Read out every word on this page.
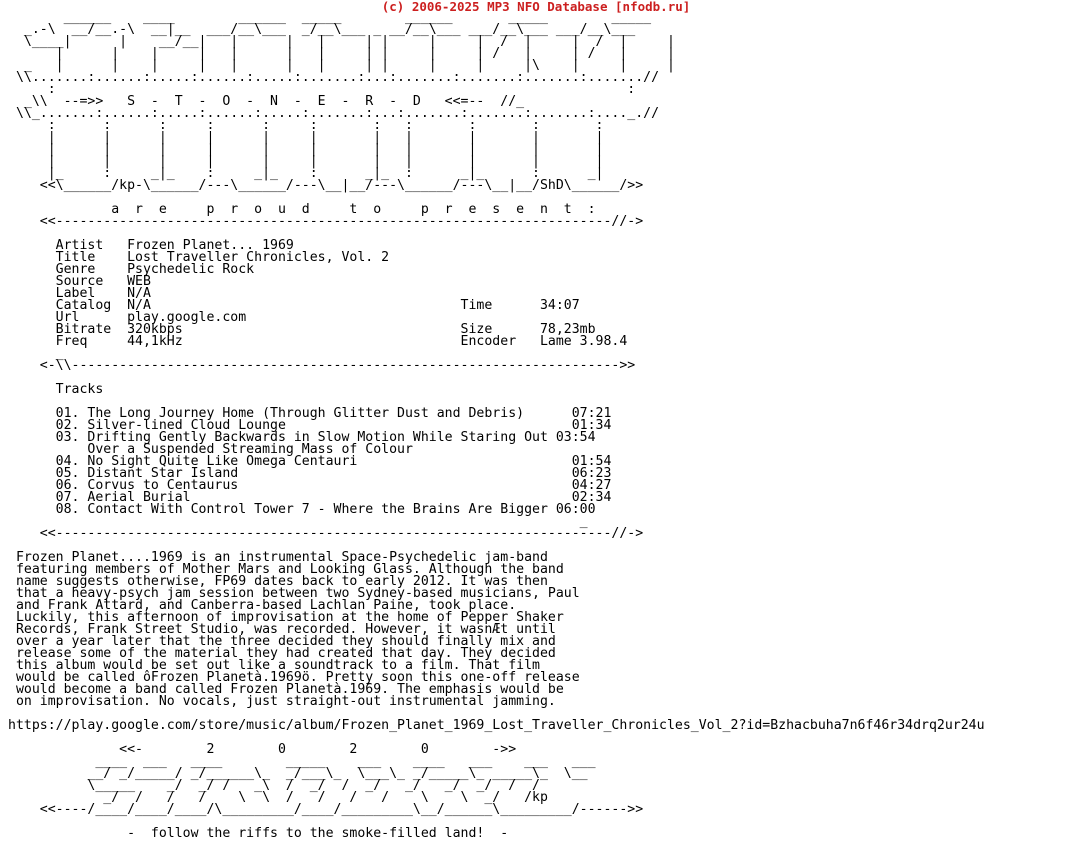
(c) 2006-2025 MP3 NFO Database [nfodb.ru]
______    ____        ______  _____        ______       _____        _____
_.-\  __/__.-\  __|__  ___/__\___  _/__\___ _ __/__\___ ___/__\___ ___/__\___
\____|      |    __/__|   |      |   |     | |     |     |  /  |     |  /  |     |
|      |    |     |   |      |   |     | |     |     | /   |     | /   |     |
_   |      |    |     |   |      |   |     | |     |     |     |\    |     |     |
\\.......:......:.....:......:.....:.......:...:.......:.......:.......:.......//
:                                                                        :
_\\  --=>>   S  -  T  -  O  -  N  -  E  -  R  -  D   <<=--  //_
\\_.......:......:.....:......:.....:.......:...:.......:.......:.......:...._.//
:      :      :     :      :     :       :   :       :       :       :
|      |      |     |      |     |       |   |       |       |       |
|      |      |     |      |     |       |   |       |       |       |
|      |      |     |      |     |       |   |       |       |       |
|_     :     _|_    :     _|_    :      _|_  :      _|_      :      _|
<<\______/kp-\______/---\______/---\__|__/---\______/---\__|__/ShD\______/>>

a  r  e     p  r  o  u  d     t  o     p  r  e  s  e  n  t  :
<<----------------------------------------------------------------------//->

Artist   Frozen Planet... 1969
Title    Lost Traveller Chronicles, Vol. 2
Genre    Psychedelic Rock
Source   WEB
Label    N/A
Catalog  N/A                                       Time      34:07
Url      play.google.com
Bitrate  320kbps                                   Size      78,23mb
Freq     44,1kHz                                   Encoder   Lame 3.98.4
_
<-\\--------------------------------------------------------------------->>

Tracks

01. The Long Journey Home (Through Glitter Dust and Debris)      07:21
02. Silver-lined Cloud Lounge                                    01:34
03. Drifting Gently Backwards in Slow Motion While Staring Out 03:54
Over a Suspended Streaming Mass of Colour
04. No Sight Quite Like Omega Centauri                           01:54
05. Distant Star Island                                          06:23
06. Corvus to Centaurus                                          04:27
07. Aerial Burial                                                02:34
08. Contact With Control Tower 7 - Where the Brains Are Bigger 06:00
_
<<----------------------------------------------------------------------//->

Frozen Planet....1969 is an instrumental Space-Psychedelic jam-band
featuring members of Mother Mars and Looking Glass. Although the band
name suggests otherwise, FP69 dates back to early 2012. It was then
that a heavy-psych jam session between two Sydney-based musicians, Paul
and Frank Attard, and Canberra-based Lachlan Paine, took place.
Luckily, this afternoon of improvisation at the home of Pepper Shaker
Records, Frank Street Studio, was recorded. However, it wasnÆt until
over a year later that the three decided they should finally mix and
release some of the material they had created that day. They decided
this album would be set out like a soundtrack to a film. That film
would be called ôFrozen Planetà.1969ö. Pretty soon this one-off release
would become a band called Frozen Planetà.1969. The emphasis would be
on improvisation. No vocals, just straight-out instrumental jamming.

https://play.google.com/store/music/album/Frozen_Planet_1969_Lost_Traveller_Chronicles_Vol_2?id=Bzhacbuha7n6f46r34drq2ur24u

<<-        2        0        2        0        ->>
____  ___   ____        _____    ___    ____   ___    ___   ___
__/ _/_____/ _/______\_  _/___\_  \___\_ _/_____\_ _____\_  \__
\_____    _/  _/ /   _\  /  _/  /  _/   _/   _/  _/  /  /
_/  /   /   /    \  \  /   /   /   /    \    \  _/   /kp
<<----/____/____/____/\_________/____/_________\__/______\_________/------>>

-  follow the riffs to the smoke-filled land!  -
